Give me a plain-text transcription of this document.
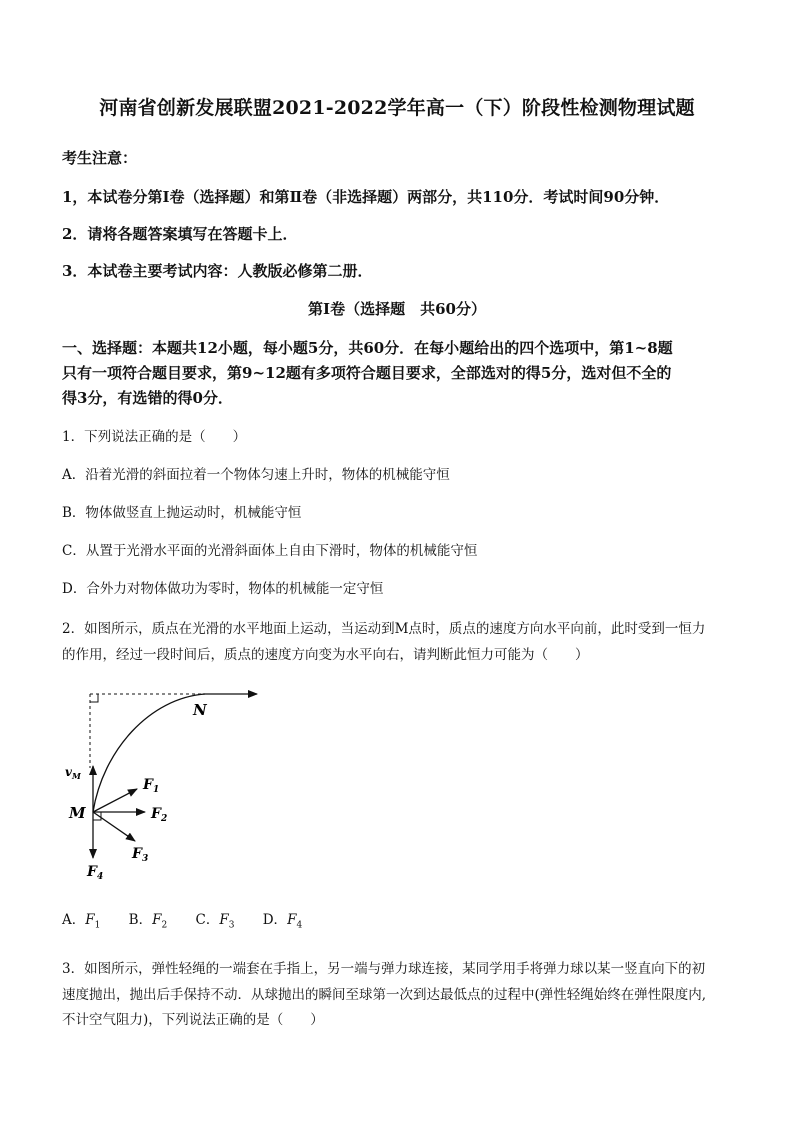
河南省创新发展联盟2021-2022学年高一（下）阶段性检测物理试题
考生注意：
1，本试卷分第Ⅰ卷（选择题）和第Ⅱ卷（非选择题）两部分，共110分．考试时间90分钟．
2．请将各题答案填写在答题卡上．
3．本试卷主要考试内容：人教版必修第二册．
第Ⅰ卷（选择题　共60分）
一、选择题：本题共12小题，每小题5分，共60分．在每小题给出的四个选项中，第1~8题
只有一项符合题目要求，第9~12题有多项符合题目要求，全部选对的得5分，选对但不全的
得3分，有选错的得0分．
1．下列说法正确的是（　　）
A．沿着光滑的斜面拉着一个物体匀速上升时，物体的机械能守恒
B．物体做竖直上抛运动时，机械能守恒
C．从置于光滑水平面的光滑斜面体上自由下滑时，物体的机械能守恒
D．合外力对物体做功为零时，物体的机械能一定守恒
2．如图所示，质点在光滑的水平地面上运动，当运动到M点时，质点的速度方向水平向前，此时受到一恒力
的作用，经过一段时间后，质点的速度方向变为水平向右，请判断此恒力可能为（　　）
N
M
$v_M$
$F_1$
$F_2$
$F_3$
$F_4$
A．$F_1$ B．$F_2$ C．$F_3$ D．$F_4$
3．如图所示，弹性轻绳的一端套在手指上，另一端与弹力球连接，某同学用手将弹力球以某一竖直向下的初
速度抛出，抛出后手保持不动．从球抛出的瞬间至球第一次到达最低点的过程中(弹性轻绳始终在弹性限度内,
不计空气阻力)，下列说法正确的是（　　）
